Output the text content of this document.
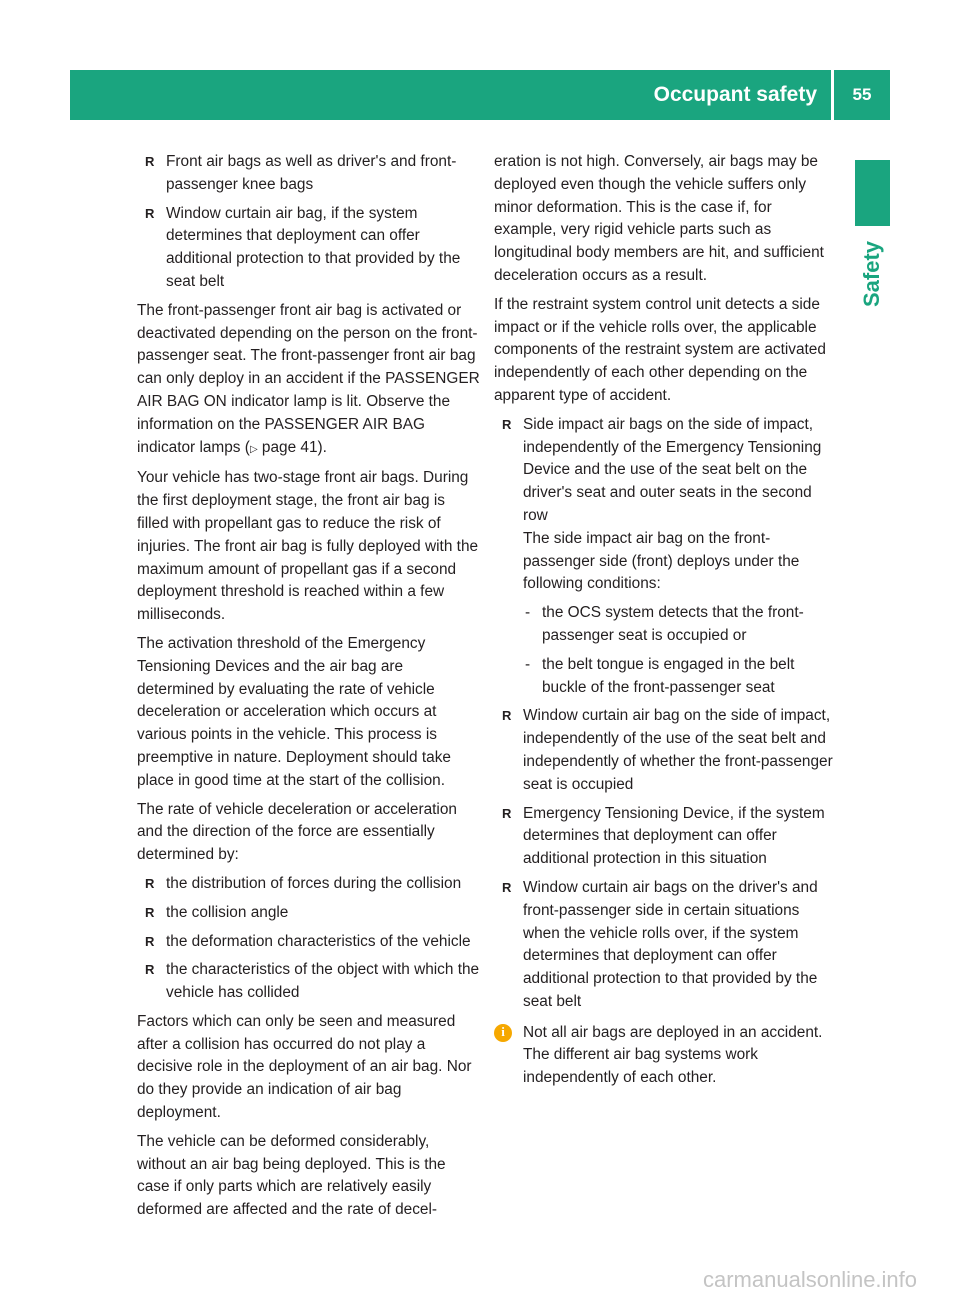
Occupant safety	55
Safety
R Front air bags as well as driver's and front-passenger knee bags
R Window curtain air bag, if the system determines that deployment can offer additional protection to that provided by the seat belt

The front-passenger front air bag is activated or deactivated depending on the person on the front-passenger seat. The front-passenger front air bag can only deploy in an accident if the PASSENGER AIR BAG ON indicator lamp is lit. Observe the information on the PASSENGER AIR BAG indicator lamps (▷ page 41).

Your vehicle has two-stage front air bags. During the first deployment stage, the front air bag is filled with propellant gas to reduce the risk of injuries. The front air bag is fully deployed with the maximum amount of propellant gas if a second deployment threshold is reached within a few milliseconds.

The activation threshold of the Emergency Tensioning Devices and the air bag are determined by evaluating the rate of vehicle deceleration or acceleration which occurs at various points in the vehicle. This process is preemptive in nature. Deployment should take place in good time at the start of the collision.

The rate of vehicle deceleration or acceleration and the direction of the force are essentially determined by:

R the distribution of forces during the collision
R the collision angle
R the deformation characteristics of the vehicle
R the characteristics of the object with which the vehicle has collided

Factors which can only be seen and measured after a collision has occurred do not play a decisive role in the deployment of an air bag. Nor do they provide an indication of air bag deployment.

The vehicle can be deformed considerably, without an air bag being deployed. This is the case if only parts which are relatively easily deformed are affected and the rate of decel-

eration is not high. Conversely, air bags may be deployed even though the vehicle suffers only minor deformation. This is the case if, for example, very rigid vehicle parts such as longitudinal body members are hit, and sufficient deceleration occurs as a result.

If the restraint system control unit detects a side impact or if the vehicle rolls over, the applicable components of the restraint system are activated independently of each other depending on the apparent type of accident.

R Side impact air bags on the side of impact, independently of the Emergency Tensioning Device and the use of the seat belt on the driver's seat and outer seats in the second row
The side impact air bag on the front-passenger side (front) deploys under the following conditions:
- the OCS system detects that the front-passenger seat is occupied or
- the belt tongue is engaged in the belt buckle of the front-passenger seat
R Window curtain air bag on the side of impact, independently of the use of the seat belt and independently of whether the front-passenger seat is occupied
R Emergency Tensioning Device, if the system determines that deployment can offer additional protection in this situation
R Window curtain air bags on the driver's and front-passenger side in certain situations when the vehicle rolls over, if the system determines that deployment can offer additional protection to that provided by the seat belt
i	Not all air bags are deployed in an accident. The different air bag systems work independently of each other.
carmanualsonline.info
